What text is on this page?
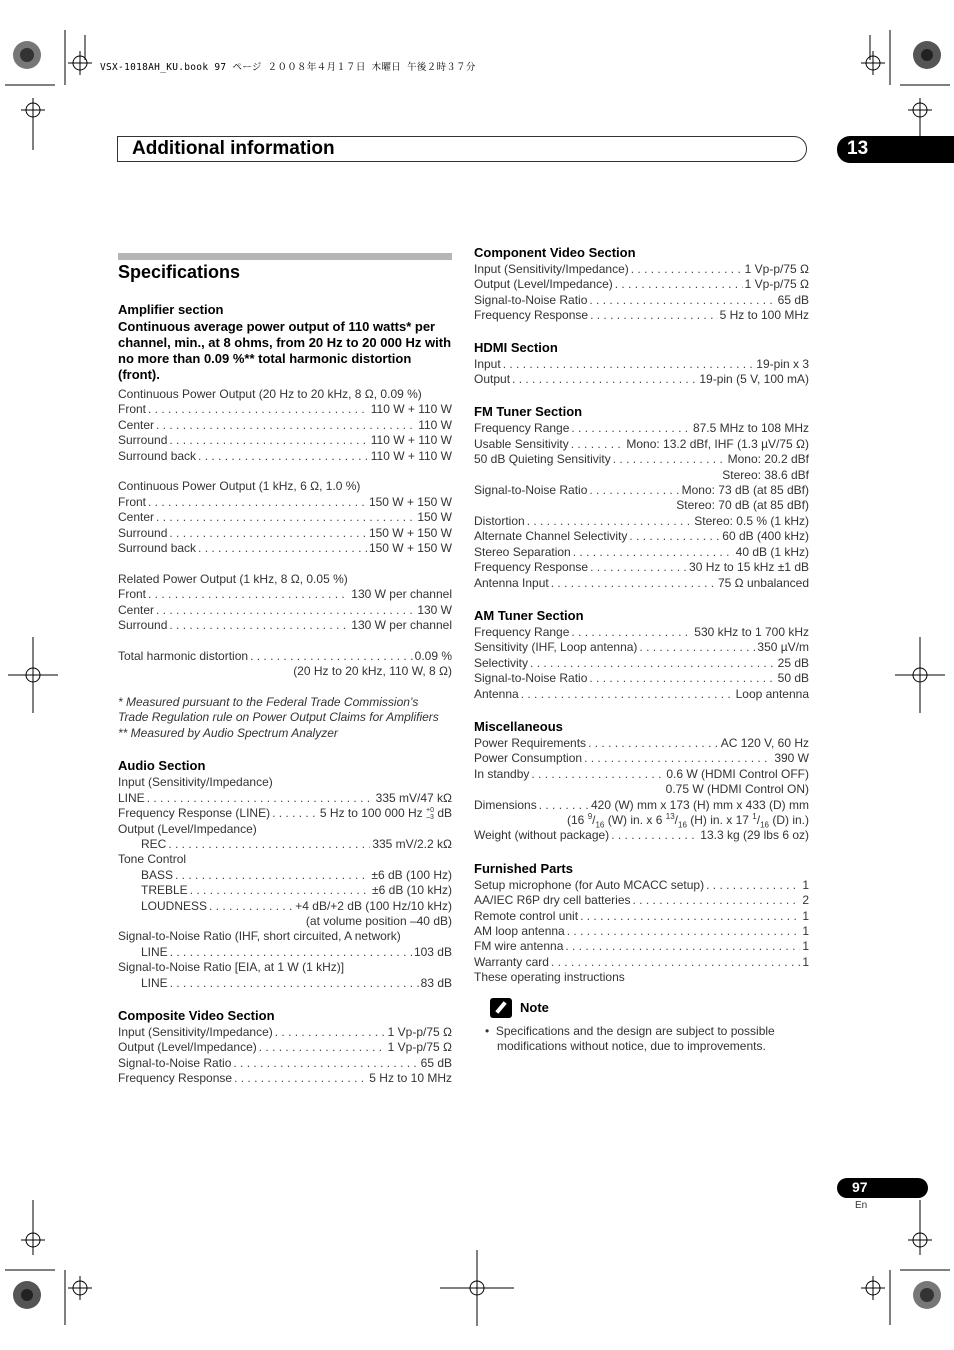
VSX-1018AH_KU.book 97 ページ ２００８年４月１７日 木曜日 午後２時３７分
Additional information	13
Specifications
Amplifier section
Continuous average power output of 110 watts* per channel, min., at 8 ohms, from 20 Hz to 20 000 Hz with no more than 0.09 %** total harmonic distortion (front).
Continuous Power Output (20 Hz to 20 kHz, 8 Ω, 0.09 %)
Front . . .	110 W + 110 W
Center . . .	110 W
Surround . . .	110 W + 110 W
Surround back . . .	110 W + 110 W
Continuous Power Output (1 kHz, 6 Ω, 1.0 %)
Front . . .	150 W + 150 W
Center . . .	150 W
Surround . . .	150 W + 150 W
Surround back . . .	150 W + 150 W
Related Power Output (1 kHz, 8 Ω, 0.05 %)
Front . . .	130 W per channel
Center . . .	130 W
Surround . . .	130 W per channel
Total harmonic distortion . . .	0.09 %
(20 Hz to 20 kHz, 110 W, 8 Ω)
* Measured pursuant to the Federal Trade Commission’s Trade Regulation rule on Power Output Claims for Amplifiers
** Measured by Audio Spectrum Analyzer
Audio Section
Input (Sensitivity/Impedance)
LINE . . .	335 mV/47 kΩ
Frequency Response (LINE) . . .	5 Hz to 100 000 Hz +0
–3 dB
Output (Level/Impedance)
REC . . .	335 mV/2.2 kΩ
Tone Control
BASS . . .	±6 dB (100 Hz)
TREBLE . . .	±6 dB (10 kHz)
LOUDNESS . . .	+4 dB/+2 dB (100 Hz/10 kHz)
(at volume position –40 dB)
Signal-to-Noise Ratio (IHF, short circuited, A network)
LINE . . .	103 dB
Signal-to-Noise Ratio [EIA, at 1 W (1 kHz)]
LINE . . .	83 dB
Composite Video Section
Input (Sensitivity/Impedance) . . .	1 Vp-p/75 Ω
Output (Level/Impedance) . . .	1 Vp-p/75 Ω
Signal-to-Noise Ratio . . .	65 dB
Frequency Response . . .	5 Hz to 10 MHz
Component Video Section
Input (Sensitivity/Impedance) . . .	1 Vp-p/75 Ω
Output (Level/Impedance) . . .	1 Vp-p/75 Ω
Signal-to-Noise Ratio . . .	65 dB
Frequency Response . . .	5 Hz to 100 MHz
HDMI Section
Input . . .	19-pin x 3
Output . . .	19-pin (5 V, 100 mA)
FM Tuner Section
Frequency Range . . .	87.5 MHz to 108 MHz
Usable Sensitivity . . .	Mono: 13.2 dBf, IHF (1.3 µV/75 Ω)
50 dB Quieting Sensitivity . . .	Mono: 20.2 dBf
Stereo: 38.6 dBf
Signal-to-Noise Ratio . . .	Mono: 73 dB (at 85 dBf)
Stereo: 70 dB (at 85 dBf)
Distortion . . .	Stereo: 0.5 % (1 kHz)
Alternate Channel Selectivity . . .	60 dB (400 kHz)
Stereo Separation . . .	40 dB (1 kHz)
Frequency Response . . .	30 Hz to 15 kHz ±1 dB
Antenna Input . . .	75 Ω unbalanced
AM Tuner Section
Frequency Range . . .	530 kHz to 1 700 kHz
Sensitivity (IHF, Loop antenna) . . .	350 µV/m
Selectivity . . .	25 dB
Signal-to-Noise Ratio . . .	50 dB
Antenna . . .	Loop antenna
Miscellaneous
Power Requirements . . .	AC 120 V, 60 Hz
Power Consumption . . .	390 W
In standby . . .	0.6 W (HDMI Control OFF)
0.75 W (HDMI Control ON)
Dimensions . . .	420 (W) mm x 173 (H) mm x 433 (D) mm
(16 $^9/_{16}$ (W) in. x 6 $^{13}/_{16}$ (H) in. x 17 $^1/_{16}$ (D) in.)
Weight (without package) . . .	13.3 kg (29 lbs 6 oz)
Furnished Parts
Setup microphone (for Auto MCACC setup) . . .	1
AA/IEC R6P dry cell batteries . . .	2
Remote control unit . . .	1
AM loop antenna . . .	1
FM wire antenna . . .	1
Warranty card . . .	1
These operating instructions
Note
• Specifications and the design are subject to possible modifications without notice, due to improvements.
97
En
